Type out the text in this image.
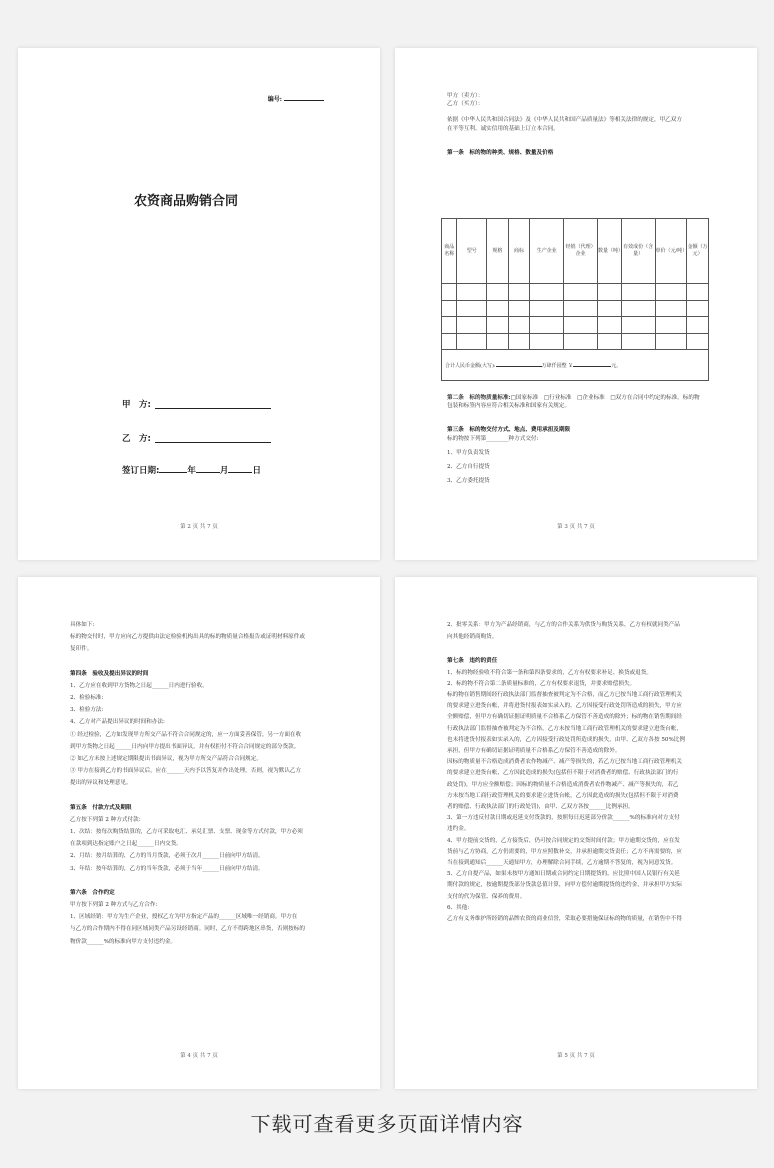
编号:
农资商品购销合同
甲　方:
乙　方:
签订日期:	年	月	日
第 2 页 共 7 页
甲方（卖方）：
乙方（买方）：
依据《中华人民共和国合同法》及《中华人民共和国产品质量法》等相关法律的规定，甲乙双方
在平等互利、诚实信用的基础上订立本合同。
第一条　标的物的种类、规格、数量及价格
商品名称	型号	规格	商标	生产企业	经销（代理）企业	数量（吨）	有效成份（含量）	单价（元/吨）	金额（万元）

合计人民币金额(大写): 万肆仟园整 ￥ 元。									
第二条　标的物质量标准:□国家标准　□行业标准　□企业标准　□双方在合同中约定的标准。标的物包装和标签内容应符合相关标准和国家有关规定。
第三条　标的物交付方式、地点、费用承担及期限
标的物按下列第________种方式交付:
1、甲方负责发货
2、乙方自行提货
3、乙方委托提货
第 3 页 共 7 页
具体如下:
标的物交付时，甲方应向乙方提供由法定检验机构出具的标的物质量合格报告或证明材料原件或
复印件。
第四条　验收及提出异议的时间
1、乙方应在收到甲方货物之日起______日内进行验收。
2、检验标准:
3、检验方法:
4、乙方对产品提出异议的时间和办法:
① 经过检验，乙方如发现甲方所交产品不符合合同规定的，应一方面妥善保管，另一方面在收
到甲方货物之日起______日内向甲方提出书面异议，并有权拒付不符合合同规定的部分货款。
② 如乙方未按上述规定期限提出书面异议，视为甲方所交产品符合合同规定。
③ 甲方在接到乙方的书面异议后，应在______天内予以答复并作出处理，否则，视为默认乙方
提出的异议和处理意见。
第五条　付款方式及期限
乙方按下列第 2 种方式付款:
1、次结：按每次购货结算的，乙方可采取电汇、承兑汇票、支票、现金等方式付款，甲方必须
在款项到达指定账户之日起______日内交货。
2、月结：按月结算的，乙方的当月货款，必须于次月______日前向甲方结清。
3、年结：按年结算的，乙方的当年货款，必须于当年______日前向甲方结清。
第六条　合作约定
甲方按下列第 2 种方式与乙方合作:
1、区域经销：甲方为生产企业，授权乙方为甲方指定产品的______区域唯一经销商。甲方在
与乙方的合作期内不得在同区域同类产品另设经销商。同时，乙方不得跨地区串货，否则按标的
物价款______%的标准向甲方支付违约金。
第 4 页 共 7 页
2、批零关系：甲方为产品经销商，与乙方的合作关系为供货与购货关系，乙方有权就同类产品
向其他经销商购货。
第七条　违约的责任
1、标的物经验收不符合第一条和第四条要求的，乙方有权要求补足、换货或退货。
2、标的物不符合第二条质量标准的，乙方有权要求退货，并要求赔偿损失。
标的物在销售期间经行政执法部门监督抽查被判定为不合格，而乙方已按当地工商行政管理机关
的要求建立进货台帐，并将进货付报表如实录入的，乙方因接受行政处罚所造成的损失，甲方应
全额赔偿，但甲方有确切证据证明质量不合格系乙方保管不善造成的除外；标的物在销售期间经
行政执法部门监督抽查被判定为不合格，乙方未按当地工商行政管理机关的要求建立进货台帐，
也未将进货付报表如实录入的，乙方因接受行政处罚所造成的损失，由甲、乙双方各按 50%比例
承担，但甲方有确切证据证明质量不合格系乙方保管不善造成的除外。
因标的物质量不合格造成消费者农作物减产、减产等损失的，若乙方已按当地工商行政管理机关
的要求建立进货台帐，乙方因此造成的损失(包括但不限于对消费者的赔偿、行政执法部门的行
政处罚)，甲方应全额赔偿；因标的物质量不合格造成消费者农作物减产、减产等损失的，若乙
方未按当地工商行政管理机关的要求建立进货台帐，乙方因此造成的损失(包括但不限于对消费
者的赔偿、行政执法部门的行政处罚)，由甲、乙双方各按______比例承担。
3、第一方违反付款日期或迟延支付货款的，按照每日迟延部分价款______%的标准向对方支付
违约金。
4、甲方提前交货的，乙方接货后，仍可按合同规定的交货时间付款；甲方逾期交货的，应在发
货前与乙方协商，乙方仍需要的，甲方应照数补交，并承担逾期交货责任；乙方不再需要的，应
当在接到通知后______天通知甲方，办理解除合同手续，乙方逾期不答复的，视为同意发货。
5、乙方自提产品，如果未按甲方通知日期或合同约定日期提货的，应比照中国人民银行有关延
期付款的规定，按逾期提货部分货款总值计算，向甲方偿付逾期提货的违约金，并承担甲方实际
支付的代为保管、保养的费用。
6、其他:
乙方有义务维护所经销的品牌农资的商业信誉，采取必要措施保证标的物的质量，在销售中不得
第 5 页 共 7 页
下载可查看更多页面详情内容
